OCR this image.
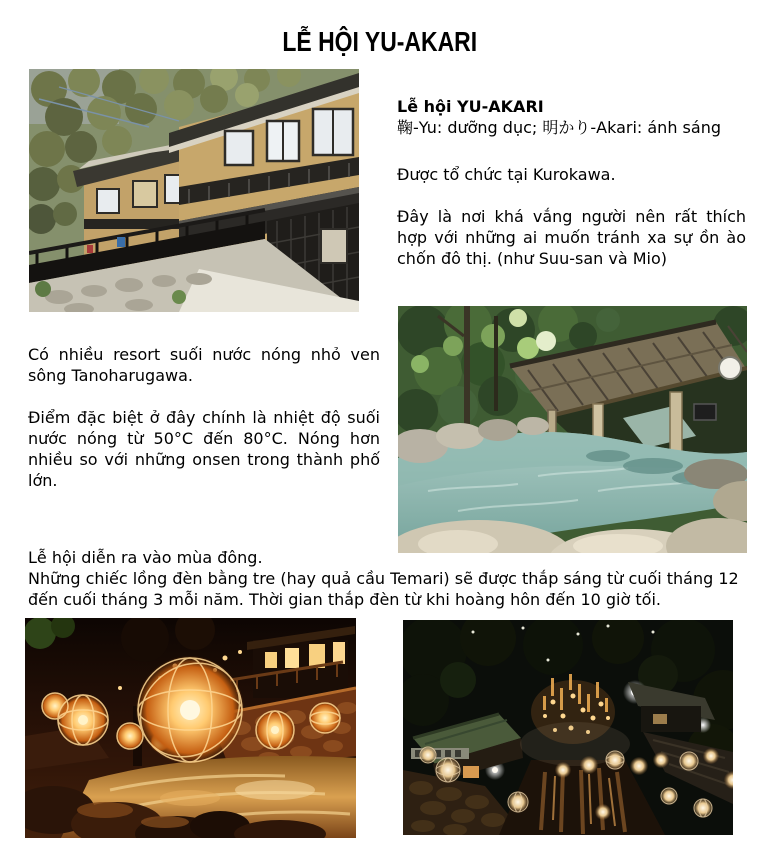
LỄ HỘI YU-AKARI
Lễ hội YU-AKARI
鞠-Yu: dưỡng dục; 明かり-Akari: ánh sáng
Được tổ chức tại Kurokawa.
Đây là nơi khá vắng người nên rất thích hợp với những ai muốn tránh xa sự ồn ào chốn đô thị. (như Suu-san và Mio)
Có nhiều resort suối nước nóng nhỏ ven sông Tanoharugawa.
Điểm đặc biệt ở đây chính là nhiệt độ suối nước nóng từ 50°C đến 80°C. Nóng hơn nhiều so với những onsen trong thành phố lớn.
Lễ hội diễn ra vào mùa đông.
Những chiếc lồng đèn bằng tre (hay quả cầu Temari) sẽ được thắp sáng từ cuối tháng 12 đến cuối tháng 3 mỗi năm. Thời gian thắp đèn từ khi hoàng hôn đến 10 giờ tối.
